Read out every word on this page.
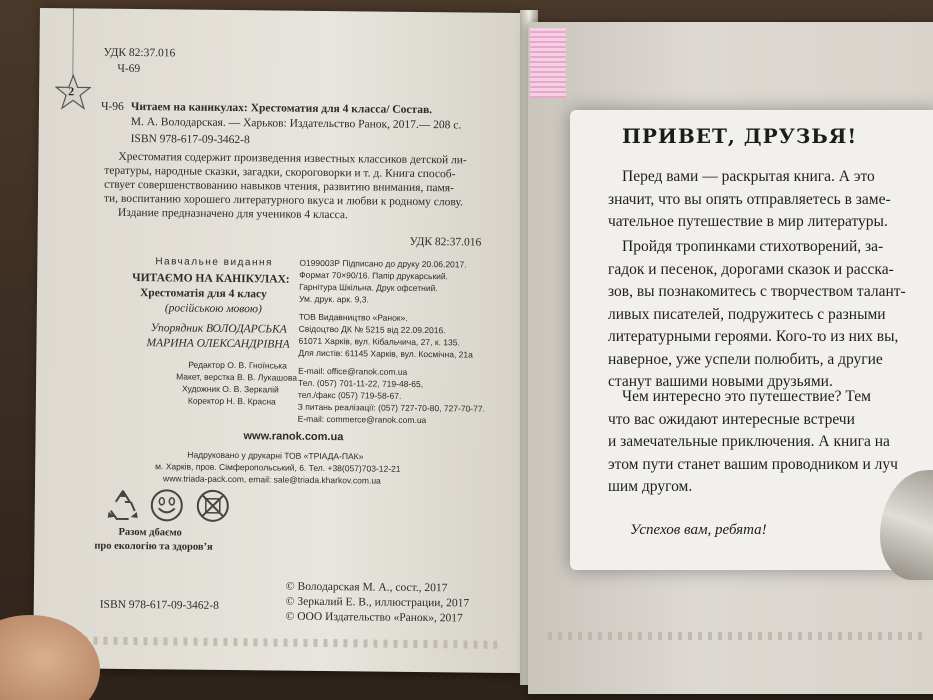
2
УДК 82:37.016
Ч-69
Ч-96 Читаем на каникулах: Хрестоматия для 4 класса/ Состав.
М. А. Володарская. — Харьков: Издательство Ранок, 2017.— 208 с.
ISBN 978-617-09-3462-8
Хрестоматия содержит произведения известных классиков детской ли-
тературы, народные сказки, загадки, скороговорки и т. д. Книга способ-
ствует совершенствованию навыков чтения, развитию внимания, памя-
ти, воспитанию хорошего литературного вкуса и любви к родному слову.
Издание предназначено для учеников 4 класса.
УДК 82:37.016
Навчальне видання
ЧИТАЄМО НА КАНІКУЛАХ:
Хрестоматія для 4 класу
(російською мовою)
Упорядник ВОЛОДАРСЬКА
МАРИНА ОЛЕКСАНДРІВНА
Редактор О. В. Гноїнська
Макет, верстка В. В. Лукашова
Художник О. В. Зеркалій
Коректор Н. В. Красна
О199003Р Підписано до друку 20.06.2017.
Формат 70×90/16. Папір друкарський.
Гарнітура Шкільна. Друк офсетний.
Ум. друк. арк. 9,3.
ТОВ Видавництво «Ранок».
Свідоцтво ДК № 5215 від 22.09.2016.
61071 Харків, вул. Кібальчича, 27, к. 135.
Для листів: 61145 Харків, вул. Космічна, 21а
E-mail: office@ranok.com.ua
Тел. (057) 701-11-22, 719-48-65,
тел./факс (057) 719-58-67.
З питань реалізації: (057) 727-70-80, 727-70-77.
E-mail: commerce@ranok.com.ua
www.ranok.com.ua
Надруковано у друкарні ТОВ «ТРІАДА-ПАК»
м. Харків, пров. Сімферопольський, 6. Тел. +38(057)703-12-21
www.triada-pack.com, email: sale@triada.kharkov.com.ua
Разом дбаємо
про екологію та здоров’я
ISBN 978-617-09-3462-8
© Володарская М. А., сост., 2017
© Зеркалий Е. В., иллюстрации, 2017
© ООО Издательство «Ранок», 2017
ПРИВЕТ, ДРУЗЬЯ!
Перед вами — раскрытая книга. А это
значит, что вы опять отправляетесь в заме-
чательное путешествие в мир литературы.
Пройдя тропинками стихотворений, за-
гадок и песенок, дорогами сказок и расска-
зов, вы познакомитесь с творчеством талант-
ливых писателей, подружитесь с разными
литературными героями. Кого-то из них вы,
наверное, уже успели полюбить, а другие
станут вашими новыми друзьями.
Чем интересно это путешествие? Тем
что вас ожидают интересные встречи
и замечательные приключения. А книга на
этом пути станет вашим проводником и луч
шим другом.
Успехов вам, ребята!
